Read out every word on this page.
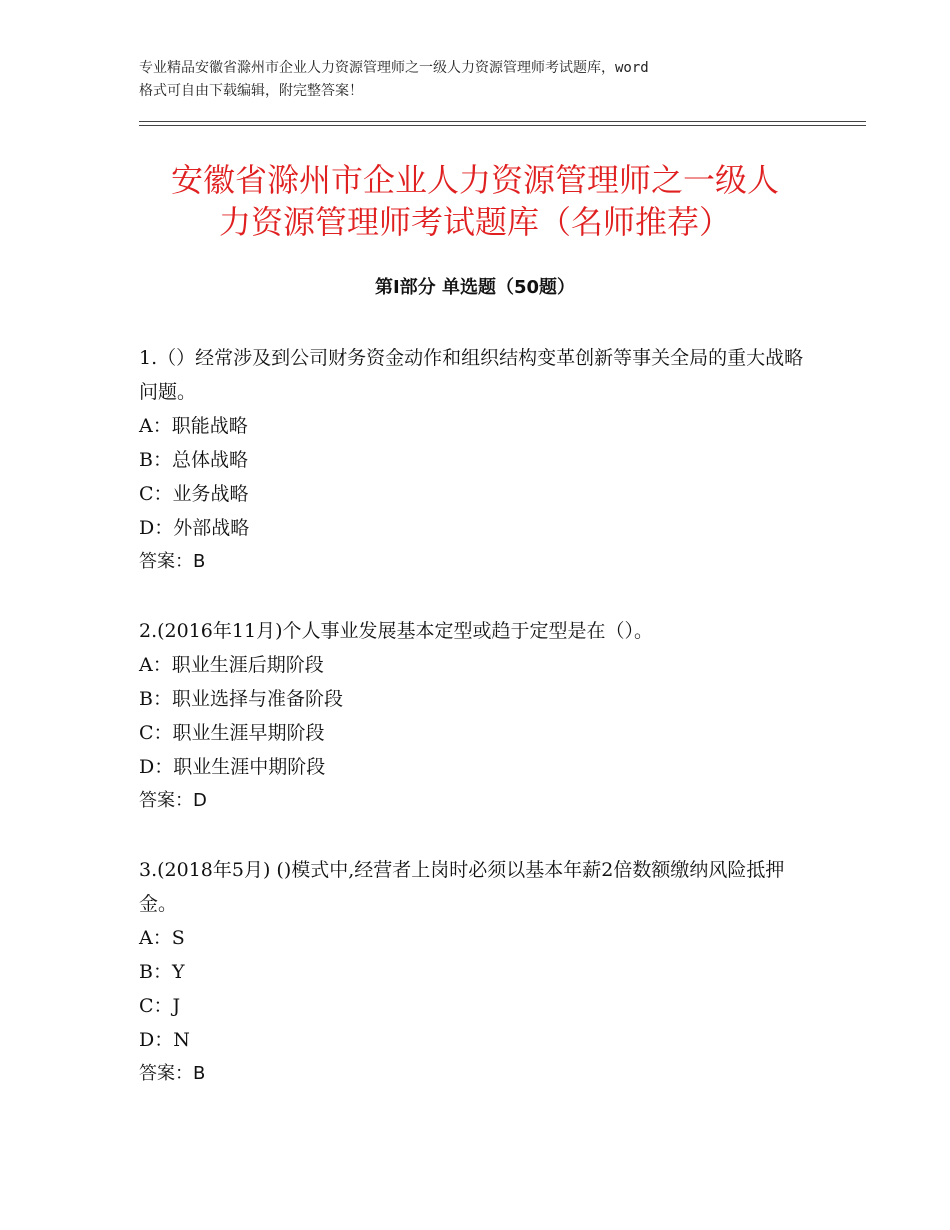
专业精品安徽省滁州市企业人力资源管理师之一级人力资源管理师考试题库，word
格式可自由下载编辑，附完整答案！
安徽省滁州市企业人力资源管理师之一级人
力资源管理师考试题库（名师推荐）
第Ⅰ部分 单选题（50题）
1.（）经常涉及到公司财务资金动作和组织结构变革创新等事关全局的重大战略问题。
A：职能战略
B：总体战略
C：业务战略
D：外部战略
答案：B
2.(2016年11月)个人事业发展基本定型或趋于定型是在（）。
A：职业生涯后期阶段
B：职业选择与准备阶段
C：职业生涯早期阶段
D：职业生涯中期阶段
答案：D
3.(2018年5月) ()模式中,经营者上岗时必须以基本年薪2倍数额缴纳风险抵押金。
A：S
B：Y
C：J
D：N
答案：B
